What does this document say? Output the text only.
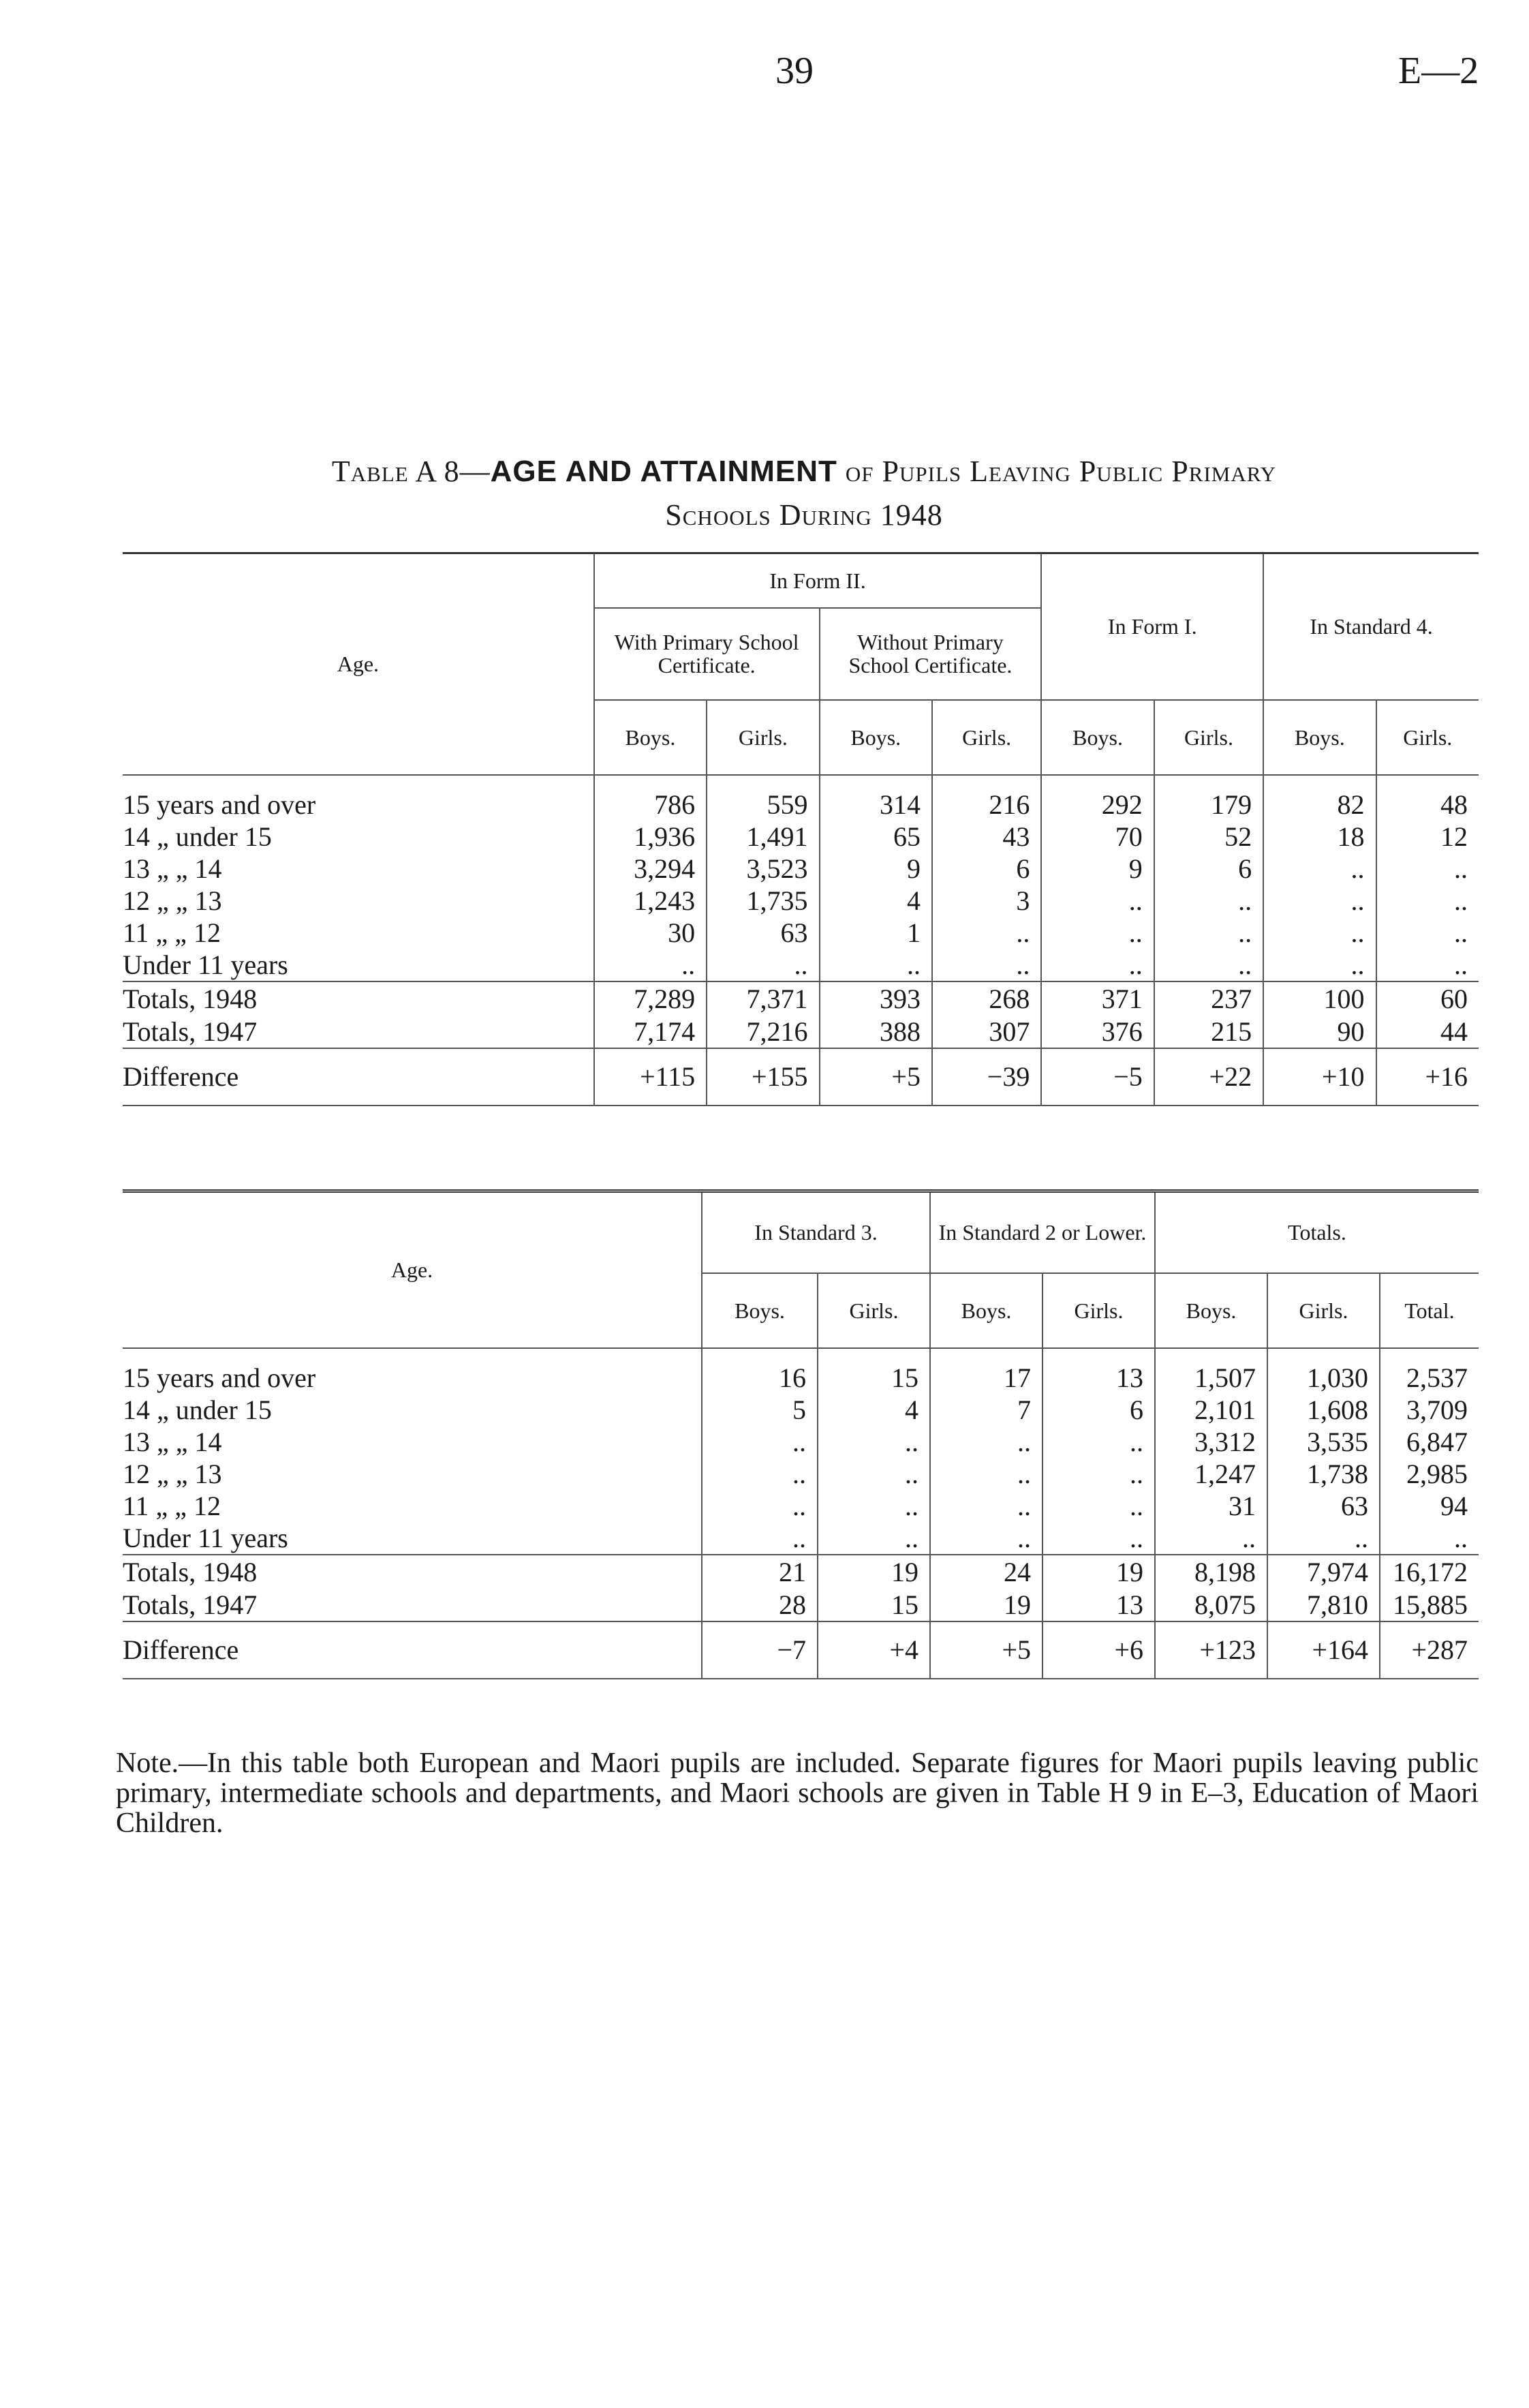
39	E—2
Table A 8—AGE AND ATTAINMENT of Pupils Leaving Public Primary
Schools During 1948
Age.	In Form II.				In Form I.		In Standard 4.	
	With Primary School Certificate.		Without Primary School Certificate.					
	Boys.	Girls.	Boys.	Girls.	Boys.	Girls.	Boys.	Girls.

15 years and over	786	559	314	216	292	179	82	48
14 „ under 15	1,936	1,491	65	43	70	52	18	12
13 „ „ 14	3,294	3,523	9	6	9	6	..	..
12 „ „ 13	1,243	1,735	4	3	..	..	..	..
11 „ „ 12	30	63	1	..	..	..	..	..
Under 11 years	..	..	..	..	..	..	..	..
Totals, 1948	7,289	7,371	393	268	371	237	100	60
Totals, 1947	7,174	7,216	388	307	376	215	90	44
Difference	+115	+155	+5	−39	−5	+22	+10	+16
Age.	In Standard 3.		In Standard 2 or Lower.		Totals.		
	Boys.	Girls.	Boys.	Girls.	Boys.	Girls.	Total.

15 years and over	16	15	17	13	1,507	1,030	2,537
14 „ under 15	5	4	7	6	2,101	1,608	3,709
13 „ „ 14	..	..	..	..	3,312	3,535	6,847
12 „ „ 13	..	..	..	..	1,247	1,738	2,985
11 „ „ 12	..	..	..	..	31	63	94
Under 11 years	..	..	..	..	..	..	..
Totals, 1948	21	19	24	19	8,198	7,974	16,172
Totals, 1947	28	15	19	13	8,075	7,810	15,885
Difference	−7	+4	+5	+6	+123	+164	+287
Note.—In this table both European and Maori pupils are included. Separate figures for Maori pupils leaving public primary, intermediate schools and departments, and Maori schools are given in Table H 9 in E–3, Education of Maori Children.
